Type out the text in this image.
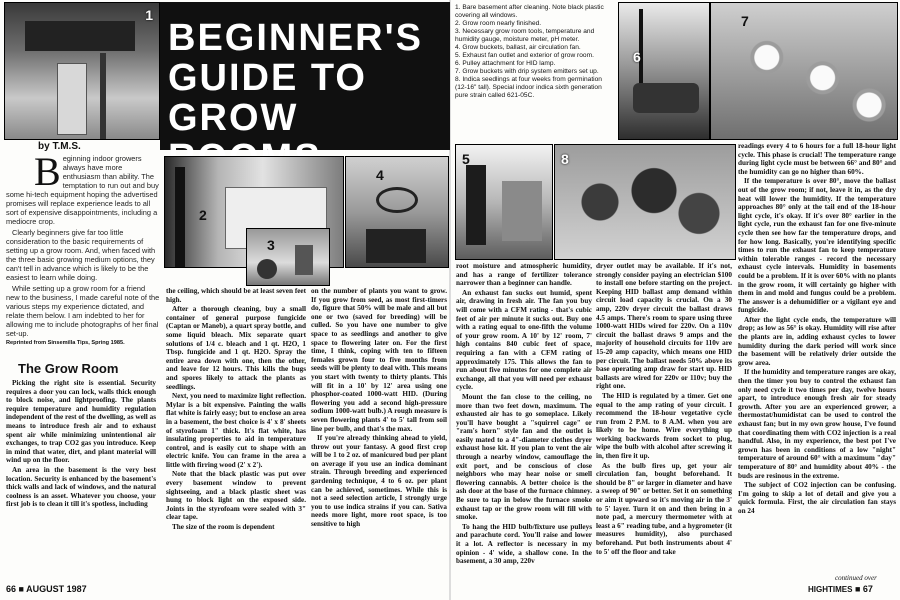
1
BEGINNER'S
GUIDE TO
GROW
by T.M.S.
B eginning indoor growers always have more enthusiasm than ability. The temptation to run out and buy some hi-tech equipment hoping the advertised promises will replace experience leads to all sort of expensive disappointments, including a mediocre crop.

Clearly beginners give far too little consideration to the basic requirements of setting up a grow room. And, when faced with the three basic growing medium options, they can't tell in advance which is likely to be the easiest to learn while doing.

While setting up a grow room for a friend new to the business, I made careful note of the various steps my experience dictated, and relate them below. I am indebted to her for allowing me to include photographs of her final set-up.

Reprinted from Sinsemilla Tips, Spring 1985.
The Grow Room

Picking the right site is essential. Security requires a door you can lock, walls thick enough to block noise, and lightproofing. The plants require temperature and humidity regulation independent of the rest of the dwelling, as well as means to introduce fresh air and to exhaust spent air while minimizing unintentional air exchanges, to trap CO2 gas you introduce. Keep in mind that water, dirt, and plant material will wind up on the floor.

An area in the basement is the very best location. Security is enhanced by the basement's thick walls and lack of windows, and the natural coolness is an asset. Whatever you choose, your first job is to clean it till it's spotless, including

2
3
4

the ceiling, which should be at least seven feet high.

After a thorough cleaning, buy a small container of general purpose fungicide (Captan or Maneb), a quart spray bottle, and some liquid bleach. Mix separate quart solutions of 1/4 c. bleach and 1 qt. H2O, 1 Tbsp. fungicide and 1 qt. H2O. Spray the entire area down with one, then the other, and leave for 12 hours. This kills the bugs and spores likely to attack the plants as seedlings.

Next, you need to maximize light reflection. Mylar is a bit expensive. Painting the walls flat white is fairly easy; but to enclose an area in a basement, the best choice is 4' x 8' sheets of styrofoam 1" thick. It's flat white, has insulating properties to aid in temperature control, and is easily cut to shape with an electric knife. You can frame in the area a little with firring wood (2' x 2').

Note that the black plastic was put over every basement window to prevent sightseeing, and a black plastic sheet was hung to block light on the exposed side. Joints in the styrofoam were sealed with 3" clear tape.

The size of the room is dependent

on the number of plants you want to grow. If you grow from seed, as most first-timers do, figure that 50% will be male and all but one or two (saved for breeding) will be culled. So you have one number to give space to as seedlings and another to give space to flowering later on. For the first time, I think, coping with ten to fifteen females grown four to five months from seeds will be plenty to deal with. This means you start with twenty to thirty plants. This will fit in a 10' by 12' area using one phosphor-coated 1000-watt HID. (During flowering you add a second high-pressure sodium 1000-watt bulb.) A rough measure is seven flowering plants 4' to 5' tall from soil line per bulb, and that's the max.

If you're already thinking ahead to yield, throw out your fantasy. A good first crop will be 1 to 2 oz. of manicured bud per plant on average if you use an indica dominant strain. Through breeding and experienced gardening technique, 4 to 6 oz. per plant can be achieved, sometimes. While this is not a seed selection article, I strongly urge you to use indica strains if you can. Sativa needs more light, more root space, is too sensitive to high

66 ■ AUGUST 1987
1. Bare basement after cleaning. Note black plastic covering all windows.
2. Grow room nearly finished.
3. Necessary grow room tools, temperature and humidity gauge, moisture meter, pH meter.
4. Grow buckets, ballast, air circulation fan.
5. Exhaust fan outlet and exterior of grow room.
6. Pulley attachment for HID lamp.
7. Grow buckets with drip system emitters set up.
8. Indica seedlings at four weeks from germination (12-16" tall). Special indoor indica sixth generation pure strain called 621-05C.
6
7
5	8

root moisture and atmospheric humidity, and has a range of fertilizer tolerance narrower than a beginner can handle.

An exhaust fan sucks out humid, spent air, drawing in fresh air. The fan you buy will come with a CFM rating - that's cubic feet of air per minute it sucks out. Buy one with a rating equal to one-fifth the volume of your grow room. A 10' by 12' room, 7' high contains 840 cubic feet of space, requiring a fan with a CFM rating of approximately 175. This allows the fan to run about five minutes for one complete air exchange, all that you will need per exhaust cycle.

Mount the fan close to the ceiling, no more than two feet down, maximum. The exhausted air has to go someplace. Likely you'll have bought a "squirrel cage" or "ram's horn" style fan and the outlet is easily mated to a 4"-diameter clothes dryer exhaust hose kit. If you plan to vent the air through a nearby window, camouflage the exit port, and be conscious of close neighbors who may hear noise or smell flowering cannabis. A better choice is the ash door at the base of the furnace chimney. Be sure to tap in below the furnace smoke exhaust tap or the grow room will fill with smoke.

To hang the HID bulb/fixture use pulleys and parachute cord. You'll raise and lower it a lot. A reflector is necessary in my opinion - 4' wide, a shallow cone. In the basement, a 30 amp, 220v

dryer outlet may be available. If it's not, strongly consider paying an electrician $100 to install one before starting on the project. Keeping HID ballast amp demand within circuit load capacity is crucial. On a 30 amp, 220v dryer circuit the ballast draws 4.5 amps. There's room to spare using three 1000-watt HIDs wired for 220v. On a 110v circuit the ballast draws 9 amps and the majority of household circuits for 110v are 15-20 amp capacity, which means one HID per circuit. The ballast needs 50% above its base operating amp draw for start up. HID ballasts are wired for 220v or 110v; buy the right one.

The HID is regulated by a timer. Get one equal to the amp rating of your circuit. I recommend the 18-hour vegetative cycle run from 2 P.M. to 8 A.M. when you are likely to be home. Wire everything up working backwards from socket to plug, wipe the bulb with alcohol after screwing it in, then fire it up.

As the bulb fires up, get your air circulation fan, bought beforehand. It should be 8" or larger in diameter and have a sweep of 90" or better. Set it on something or aim it upward so it's moving air in the 3' to 5' layer. Turn it on and then bring in a note pad, a mercury thermometer with at least a 6" reading tube, and a hygrometer (it measures humidity), also purchased beforehand. Put both instruments about 4' to 5' off the floor and take

readings every 4 to 6 hours for a full 18-hour light cycle. This phase is crucial! The temperature range during light cycle must be between 66° and 80° and the humidity can go no higher than 60%.

If the temperature is over 80°, move the ballast out of the grow room; if not, leave it in, as the dry heat will lower the humidity. If the temperature approaches 80° only at the tail end of the 18-hour light cycle, it's okay. If it's over 80° earlier in the light cycle, run the exhaust fan for one five-minute cycle then see how far the temperature drops, and for how long. Basically, you're identifying specific times to run the exhaust fan to keep temperature within tolerable ranges - record the necessary exhaust cycle intervals. Humidity in basements could be a problem. If it is over 60% with no plants in the grow room, it will certainly go higher with them in and mold and fungus could be a problem. The answer is a dehumidifier or a vigilant eye and fungicide.

After the light cycle ends, the temperature will drop; as low as 56° is okay. Humidity will rise after the plants are in, adding exhaust cycles to lower humidity during the dark period will work since the basement will be relatively drier outside the grow area.

If the humidity and temperature ranges are okay, then the timer you buy to control the exhaust fan only need cycle it two times per day, twelve hours apart, to introduce enough fresh air for steady growth. After you are an experienced grower, a thermostat/humidistat can be used to control the exhaust fan; but in my own grow house, I've found that coordinating them with CO2 injection is a real handful. Also, in my experience, the best pot I've grown has been in conditions of a low "night" temperature of around 60° with a maximum "day" temperature of 80° and humidity about 40% - the buds are resinous in the extreme.

The subject of CO2 injection can be confusing. I'm going to skip a lot of detail and give you a quick formula. First, the air circulation fan stays on 24

continued over
HIGHTIMES ■ 67
